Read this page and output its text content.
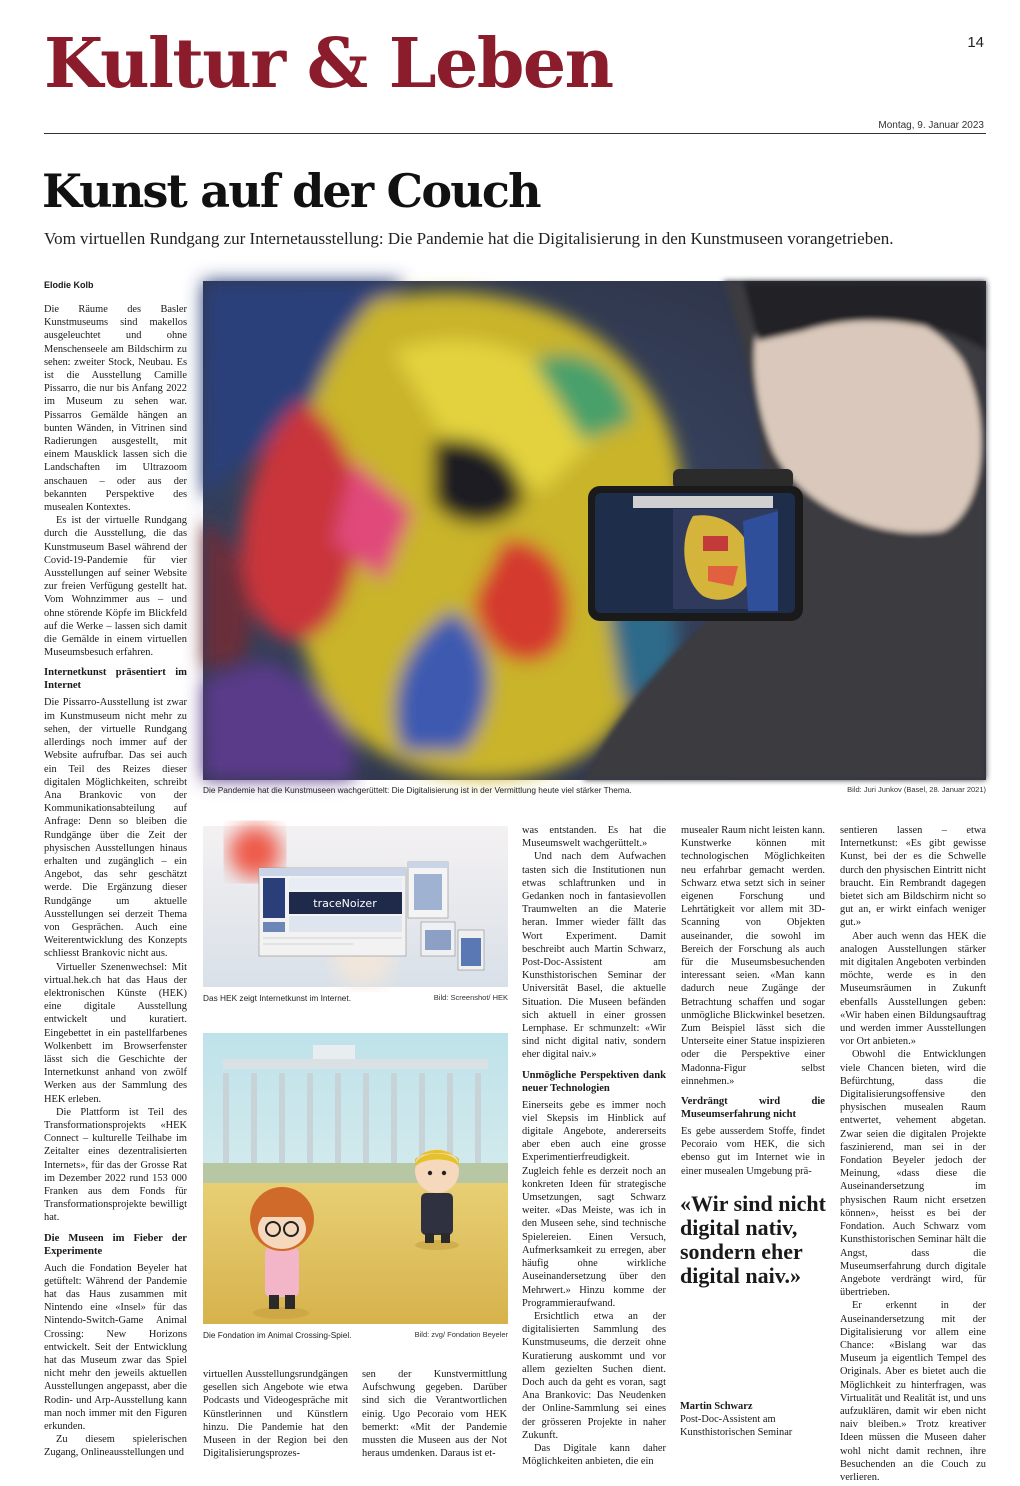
Kultur & Leben	14
Montag, 9. Januar 2023
Kunst auf der Couch
Vom virtuellen Rundgang zur Internetausstellung: Die Pandemie hat die Digitalisierung in den Kunstmuseen vorangetrieben.
Elodie Kolb
Die Pandemie hat die Kunstmuseen wachgerüttelt: Die Digitalisierung ist in der Vermittlung heute viel stärker Thema.	Bild: Juri Junkov (Basel, 28. Januar 2021)
traceNoizer
Das HEK zeigt Internetkunst im Internet.	Bild: Screenshot/ HEK
Die Fondation im Animal Crossing-Spiel.	Bild: zvg/ Fondation Beyeler

Die Räume des Basler Kunstmuseums sind makellos ausgeleuchtet und ohne Menschenseele am Bildschirm zu sehen: zweiter Stock, Neubau. Es ist die Ausstellung Camille Pissarro, die nur bis Anfang 2022 im Museum zu sehen war. Pissarros Gemälde hängen an bunten Wänden, in Vitrinen sind Radierungen ausgestellt, mit einem Mausklick lassen sich die Landschaften im Ultrazoom anschauen – oder aus der bekannten Perspektive des musealen Kontextes.

Es ist der virtuelle Rundgang durch die Ausstellung, die das Kunstmuseum Basel während der Covid-19-Pandemie für vier Ausstellungen auf seiner Website zur freien Verfügung gestellt hat. Vom Wohnzimmer aus – und ohne störende Köpfe im Blickfeld auf die Werke – lassen sich damit die Gemälde in einem virtuellen Museumsbesuch erfahren.

Internetkunst präsentiert im Internet

Die Pissarro-Ausstellung ist zwar im Kunstmuseum nicht mehr zu sehen, der virtuelle Rundgang allerdings noch immer auf der Website aufrufbar. Das sei auch ein Teil des Reizes dieser digitalen Möglichkeiten, schreibt Ana Brankovic von der Kommunikationsabteilung auf Anfrage: Denn so bleiben die Rundgänge über die Zeit der physischen Ausstellungen hinaus erhalten und zugänglich – ein Angebot, das sehr geschätzt werde. Die Ergänzung dieser Rundgänge um aktuelle Ausstellungen sei derzeit Thema von Gesprächen. Auch eine Weiterentwicklung des Konzepts schliesst Brankovic nicht aus.

Virtueller Szenenwechsel: Mit virtual.hek.ch hat das Haus der elektronischen Künste (HEK) eine digitale Ausstellung entwickelt und kuratiert. Eingebettet in ein pastellfarbenes Wolkenbett im Browserfenster lässt sich die Geschichte der Internetkunst anhand von zwölf Werken aus der Sammlung des HEK erleben.

Die Plattform ist Teil des Transformationsprojekts «HEK Connect – kulturelle Teilhabe im Zeitalter eines dezentralisierten Internets», für das der Grosse Rat im Dezember 2022 rund 153 000 Franken aus dem Fonds für Transformationsprojekte bewilligt hat.

Die Museen im Fieber der Experimente

Auch die Fondation Beyeler hat getüftelt: Während der Pandemie hat das Haus zusammen mit Nintendo eine «Insel» für das Nintendo-Switch-Game Animal Crossing: New Horizons entwickelt. Seit der Entwicklung hat das Museum zwar das Spiel nicht mehr den jeweils aktuellen Ausstellungen angepasst, aber die Rodin- und Arp-Ausstellung kann man noch immer mit den Figuren erkunden.

Zu diesem spielerischen Zugang, Onlineausstellungen und

virtuellen Ausstellungsrundgängen gesellen sich Angebote wie etwa Podcasts und Videogespräche mit Künstlerinnen und Künstlern hinzu. Die Pandemie hat den Museen in der Region bei den Digitalisierungsprozes-

sen der Kunstvermittlung Aufschwung gegeben. Darüber sind sich die Verantwortlichen einig. Ugo Pecoraio vom HEK bemerkt: «Mit der Pandemie mussten die Museen aus der Not heraus umdenken. Daraus ist et-

was entstanden. Es hat die Museumswelt wachgerüttelt.»

Und nach dem Aufwachen tasten sich die Institutionen nun etwas schlaftrunken und in Gedanken noch in fantasievollen Traumwelten an die Materie heran. Immer wieder fällt das Wort Experiment. Damit beschreibt auch Martin Schwarz, Post-Doc-Assistent am Kunsthistorischen Seminar der Universität Basel, die aktuelle Situation. Die Museen befänden sich aktuell in einer grossen Lernphase. Er schmunzelt: «Wir sind nicht digital nativ, sondern eher digital naiv.»

Unmögliche Perspektiven dank neuer Technologien

Einerseits gebe es immer noch viel Skepsis im Hinblick auf digitale Angebote, andererseits aber eben auch eine grosse Experimentierfreudigkeit. Zugleich fehle es derzeit noch an konkreten Ideen für strategische Umsetzungen, sagt Schwarz weiter. «Das Meiste, was ich in den Museen sehe, sind technische Spielereien. Einen Versuch, Aufmerksamkeit zu erregen, aber häufig ohne wirkliche Auseinandersetzung über den Mehrwert.» Hinzu komme der Programmieraufwand.

Ersichtlich etwa an der digitalisierten Sammlung des Kunstmuseums, die derzeit ohne Kuratierung auskommt und vor allem gezielten Suchen dient. Doch auch da geht es voran, sagt Ana Brankovic: Das Neudenken der Online-Sammlung sei eines der grösseren Projekte in naher Zukunft.

Das Digitale kann daher Möglichkeiten anbieten, die ein

musealer Raum nicht leisten kann. Kunstwerke können mit technologischen Möglichkeiten neu erfahrbar gemacht werden. Schwarz etwa setzt sich in seiner eigenen Forschung und Lehrtätigkeit vor allem mit 3D-Scanning von Objekten auseinander, die sowohl im Bereich der Forschung als auch für die Museumsbesuchenden interessant seien. «Man kann dadurch neue Zugänge der Betrachtung schaffen und sogar unmögliche Blickwinkel besetzen. Zum Beispiel lässt sich die Unterseite einer Statue inspizieren oder die Perspektive einer Madonna-Figur selbst einnehmen.»

Verdrängt wird die Museumserfahrung nicht

Es gebe ausserdem Stoffe, findet Pecoraio vom HEK, die sich ebenso gut im Internet wie in einer musealen Umgebung prä-

«Wir sind nicht digital nativ, sondern eher digital naiv.»
Martin Schwarz
Post-Doc-Assistent am Kunsthistorischen Seminar

sentieren lassen – etwa Internetkunst: «Es gibt gewisse Kunst, bei der es die Schwelle durch den physischen Eintritt nicht braucht. Ein Rembrandt dagegen bietet sich am Bildschirm nicht so gut an, er wirkt einfach weniger gut.»

Aber auch wenn das HEK die analogen Ausstellungen stärker mit digitalen Angeboten verbinden möchte, werde es in den Museumsräumen in Zukunft ebenfalls Ausstellungen geben: «Wir haben einen Bildungsauftrag und werden immer Ausstellungen vor Ort anbieten.»

Obwohl die Entwicklungen viele Chancen bieten, wird die Befürchtung, dass die Digitalisierungsoffensive den physischen musealen Raum entwertet, vehement abgetan. Zwar seien die digitalen Projekte faszinierend, man sei in der Fondation Beyeler jedoch der Meinung, «dass diese die Auseinandersetzung im physischen Raum nicht ersetzen können», heisst es bei der Fondation. Auch Schwarz vom Kunsthistorischen Seminar hält die Angst, dass die Museumserfahrung durch digitale Angebote verdrängt wird, für übertrieben.

Er erkennt in der Auseinandersetzung mit der Digitalisierung vor allem eine Chance: «Bislang war das Museum ja eigentlich Tempel des Originals. Aber es bietet auch die Möglichkeit zu hinterfragen, was Virtualität und Realität ist, und uns aufzuklären, damit wir eben nicht naiv bleiben.» Trotz kreativer Ideen müssen die Museen daher wohl nicht damit rechnen, ihre Besuchenden an die Couch zu verlieren.
